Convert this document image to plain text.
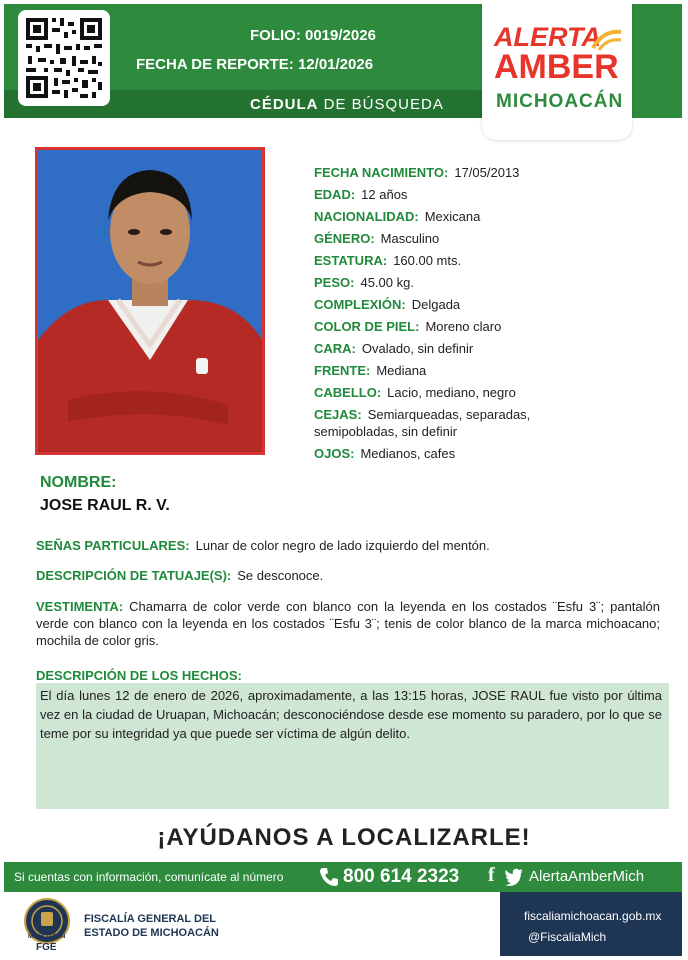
FOLIO: 0019/2026
FECHA DE REPORTE: 12/01/2026
CÉDULA DE BÚSQUEDA
ALERTA
AMBER
MICHOACÁN
FECHA NACIMIENTO: 17/05/2013
EDAD: 12 años
NACIONALIDAD: Mexicana
GÉNERO: Masculino
ESTATURA: 160.00 mts.
PESO: 45.00 kg.
COMPLEXIÓN: Delgada
COLOR DE PIEL: Moreno claro
CARA: Ovalado, sin definir
FRENTE: Mediana
CABELLO: Lacio, mediano, negro
CEJAS: Semiarqueadas, separadas,
semipobladas, sin definir
OJOS: Medianos, cafes
NOMBRE:
JOSE RAUL R. V.
SEÑAS PARTICULARES: Lunar de color negro de lado izquierdo del mentón.
DESCRIPCIÓN DE TATUAJE(S): Se desconoce.
VESTIMENTA: Chamarra de color verde con blanco con la leyenda en los costados ¨Esfu 3¨; pantalón verde con blanco con la leyenda en los costados ¨Esfu 3¨; tenis de color blanco de la marca michoacano; mochila de color gris.
DESCRIPCIÓN DE LOS HECHOS:
El día lunes 12 de enero de 2026, aproximadamente, a las 13:15 horas, JOSE RAUL fue visto por última vez en la ciudad de Uruapan, Michoacán; desconociéndose desde ese momento su paradero, por lo que se teme por su integridad ya que puede ser víctima de algún delito.
¡AYÚDANOS A LOCALIZARLE!
Si cuentas con información, comunícate al número	800 614 2323 f AlertaAmberMich
MICHOACÁN
FGE
FISCALÍA GENERAL DEL
ESTADO DE MICHOACÁN
fiscaliamichoacan.gob.mx
@FiscaliaMich
